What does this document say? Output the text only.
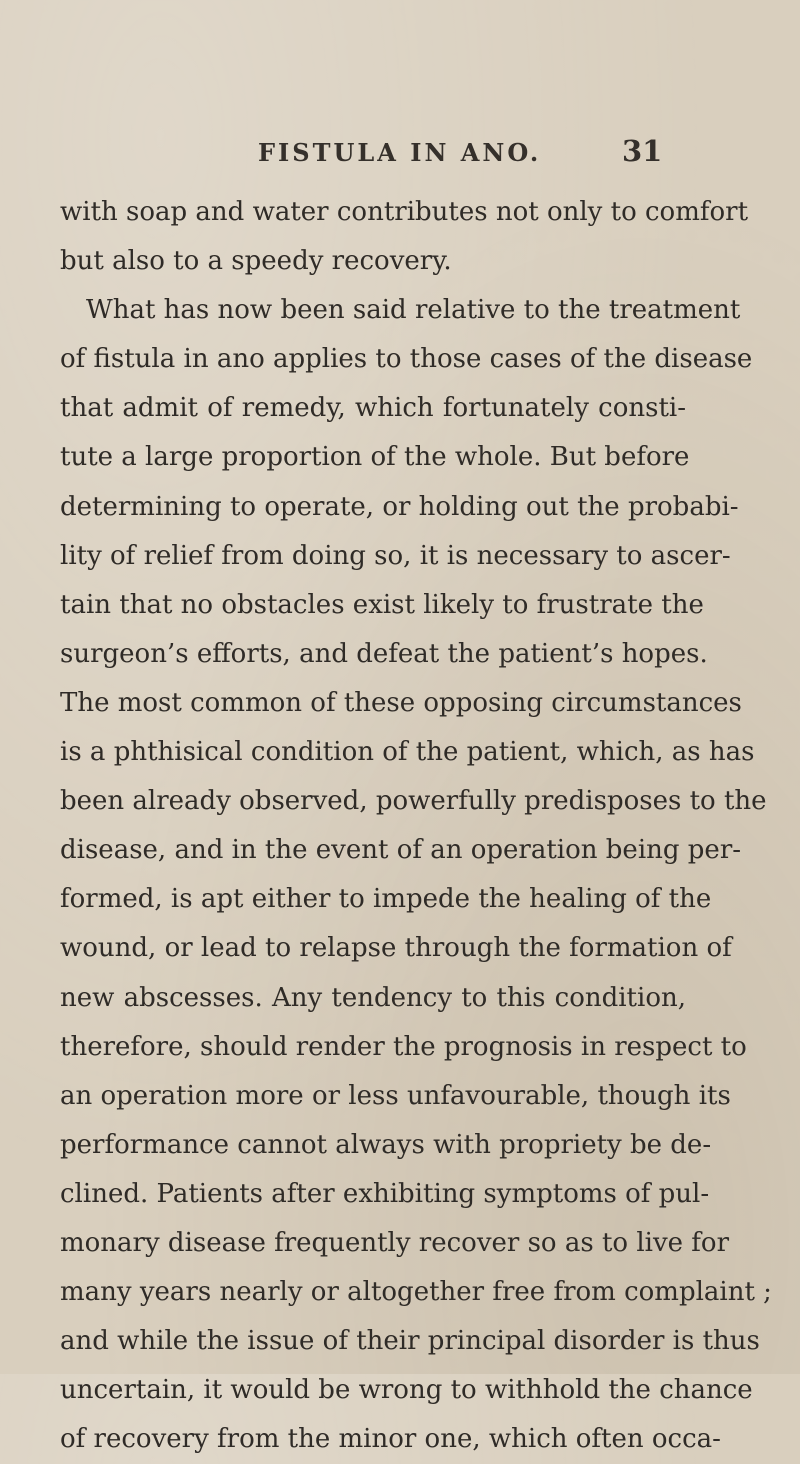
FISTULA IN ANO.	31
with soap and water contributes not only to comfort
but also to a speedy recovery.
What has now been said relative to the treatment
of fistula in ano applies to those cases of the disease
that admit of remedy, which fortunately consti-
tute a large proportion of the whole. But before
determining to operate, or holding out the probabi-
lity of relief from doing so, it is necessary to ascer-
tain that no obstacles exist likely to frustrate the
surgeon’s efforts, and defeat the patient’s hopes.
The most common of these opposing circumstances
is a phthisical condition of the patient, which, as has
been already observed, powerfully predisposes to the
disease, and in the event of an operation being per-
formed, is apt either to impede the healing of the
wound, or lead to relapse through the formation of
new abscesses. Any tendency to this condition,
therefore, should render the prognosis in respect to
an operation more or less unfavourable, though its
performance cannot always with propriety be de-
clined. Patients after exhibiting symptoms of pul-
monary disease frequently recover so as to live for
many years nearly or altogether free from complaint ;
and while the issue of their principal disorder is thus
uncertain, it would be wrong to withhold the chance
of recovery from the minor one, which often occa-
